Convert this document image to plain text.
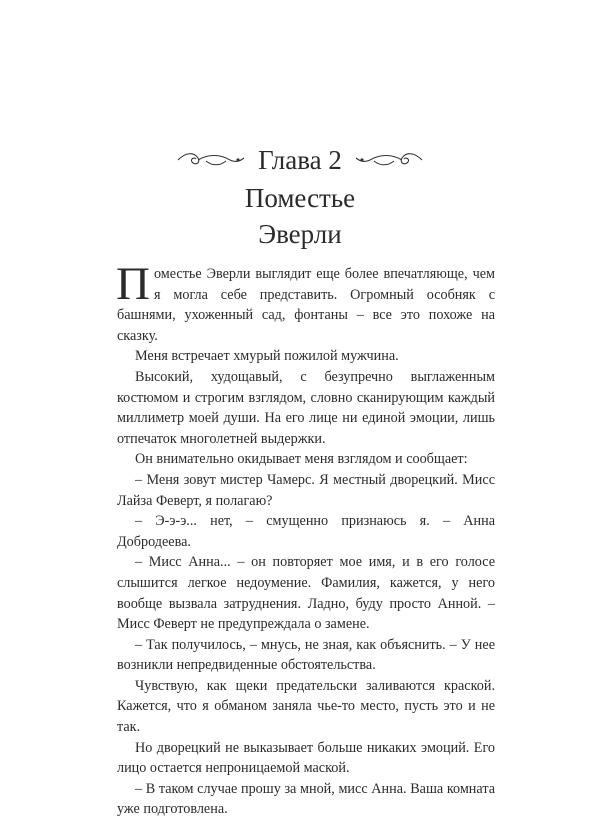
Глава 2
Поместье
Эверли

Поместье Эверли выглядит еще более впечатляюще, чем я могла себе представить. Огромный особняк с башнями, ухоженный сад, фонтаны – все это похоже на сказку.

Меня встречает хмурый пожилой мужчина.

Высокий, худощавый, с безупречно выглаженным костюмом и строгим взглядом, словно сканирующим каждый миллиметр моей души. На его лице ни единой эмоции, лишь отпечаток многолетней выдержки.

Он внимательно окидывает меня взглядом и сообщает:

– Меня зовут мистер Чамерс. Я местный дворецкий. Мисс Лайза Феверт, я полагаю?

– Э-э-э... нет, – смущенно признаюсь я. – Анна Добродеева.

– Мисс Анна... – он повторяет мое имя, и в его голосе слышится легкое недоумение. Фамилия, кажется, у него вообще вызвала затруднения. Ладно, буду просто Анной. – Мисс Феверт не предупреждала о замене.

– Так получилось, – мнусь, не зная, как объяснить. – У нее возникли непредвиденные обстоятельства.

Чувствую, как щеки предательски заливаются краской. Кажется, что я обманом заняла чье-то место, пусть это и не так.

Но дворецкий не выказывает больше никаких эмоций. Его лицо остается непроницаемой маской.

– В таком случае прошу за мной, мисс Анна. Ваша комната уже подготовлена.
